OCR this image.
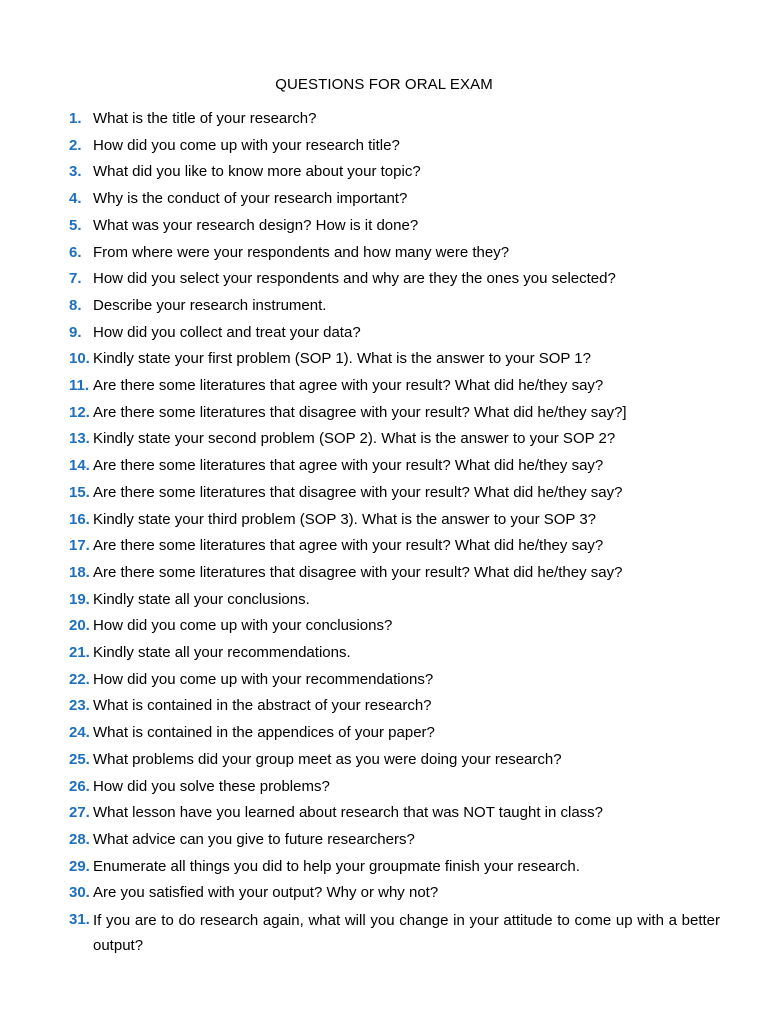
QUESTIONS FOR ORAL EXAM
1. What is the title of your research?
2. How did you come up with your research title?
3. What did you like to know more about your topic?
4. Why is the conduct of your research important?
5. What was your research design? How is it done?
6. From where were your respondents and how many were they?
7. How did you select your respondents and why are they the ones you selected?
8. Describe your research instrument.
9. How did you collect and treat your data?
10. Kindly state your first problem (SOP 1). What is the answer to your SOP 1?
11. Are there some literatures that agree with your result? What did he/they say?
12. Are there some literatures that disagree with your result? What did he/they say?]
13. Kindly state your second problem (SOP 2). What is the answer to your SOP 2?
14. Are there some literatures that agree with your result? What did he/they say?
15. Are there some literatures that disagree with your result? What did he/they say?
16. Kindly state your third problem (SOP 3). What is the answer to your SOP 3?
17. Are there some literatures that agree with your result? What did he/they say?
18. Are there some literatures that disagree with your result? What did he/they say?
19. Kindly state all your conclusions.
20. How did you come up with your conclusions?
21. Kindly state all your recommendations.
22. How did you come up with your recommendations?
23. What is contained in the abstract of your research?
24. What is contained in the appendices of your paper?
25. What problems did your group meet as you were doing your research?
26. How did you solve these problems?
27. What lesson have you learned about research that was NOT taught in class?
28. What advice can you give to future researchers?
29. Enumerate all things you did to help your groupmate finish your research.
30. Are you satisfied with your output? Why or why not?
31. If you are to do research again, what will you change in your attitude to come up with a better output?
